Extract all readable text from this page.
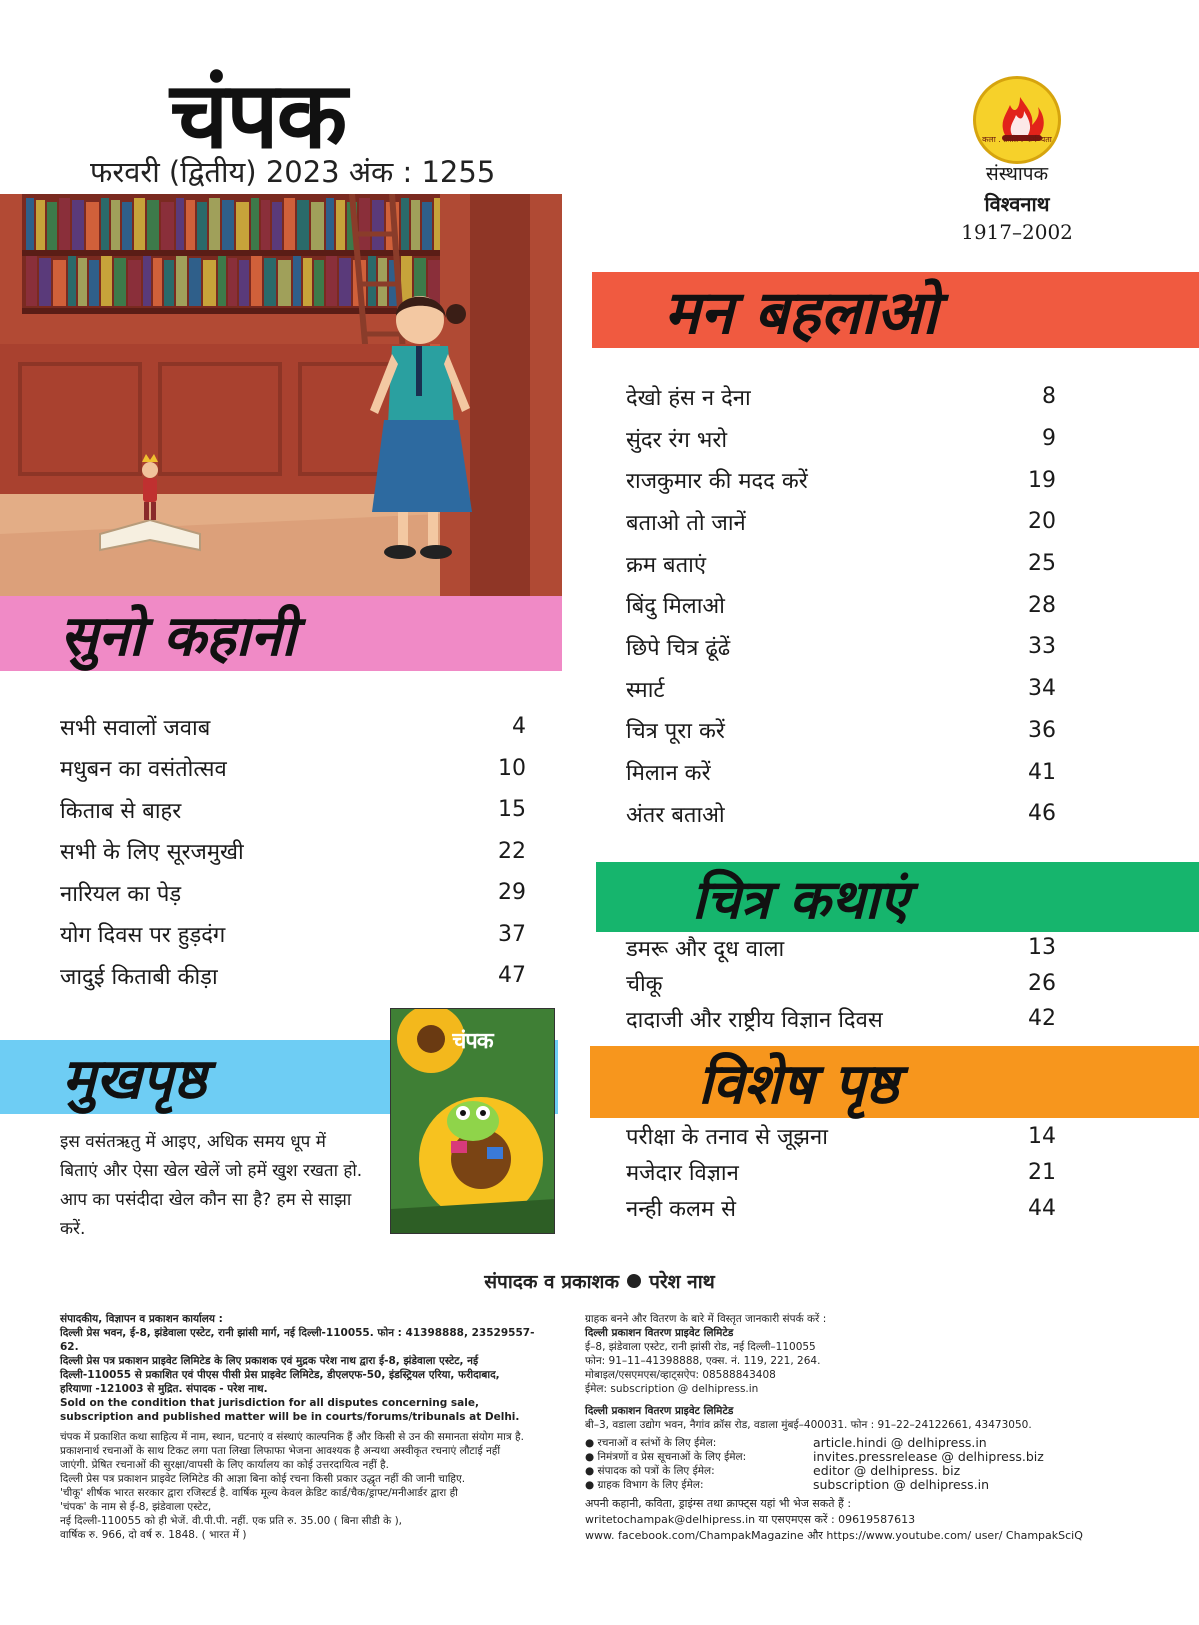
चंपक
फरवरी (द्वितीय) 2023 अंक : 1255
कला . क्रांति . कर्मण्यता
संस्थापक
विश्वनाथ
1917–2002
सुनो कहानी
सभी सवालों जवाब	4
मधुबन का वसंतोत्सव	10
किताब से बाहर	15
सभी के लिए सूरजमुखी	22
नारियल का पेड़	29
योग दिवस पर हुड़दंग	37
जादुई किताबी कीड़ा	47
मन बहलाओ
देखो हंस न देना	8
सुंदर रंग भरो	9
राजकुमार की मदद करें	19
बताओ तो जानें	20
क्रम बताएं	25
बिंदु मिलाओ	28
छिपे चित्र ढूंढें	33
स्मार्ट	34
चित्र पूरा करें	36
मिलान करें	41
अंतर बताओ	46
चित्र कथाएं
डमरू और दूध वाला	13
चीकू	26
दादाजी और राष्ट्रीय विज्ञान दिवस	42
मुखपृष्ठ
चंपक
इस वसंतऋतु में आइए, अधिक समय धूप में बिताएं और ऐसा खेल खेलें जो हमें खुश रखता हो. आप का पसंदीदा खेल कौन सा है? हम से साझा करें.
विशेष पृष्ठ
परीक्षा के तनाव से जूझना	14
मजेदार विज्ञान	21
नन्ही कलम से	44
संपादक व प्रकाशक परेश नाथ
संपादकीय, विज्ञापन व प्रकाशन कार्यालय :
दिल्ली प्रेस भवन, ई-8, झंडेवाला एस्टेट, रानी झांसी मार्ग, नई दिल्ली-110055. फोन : 41398888, 23529557-62.
दिल्ली प्रेस पत्र प्रकाशन प्राइवेट लिमिटेड के लिए प्रकाशक एवं मुद्रक परेश नाथ द्वारा ई-8, झंडेवाला एस्टेट, नई
दिल्ली-110055 से प्रकाशित एवं पीएस पीसी प्रेस प्राइवेट लिमिटेड, डीएलएफ-50, इंडस्ट्रियल एरिया, फरीदाबाद,
हरियाणा -121003 से मुद्रित. संपादक - परेश नाथ.
Sold on the condition that jurisdiction for all disputes concerning sale,
subscription and published matter will be in courts/forums/tribunals at Delhi.
चंपक में प्रकाशित कथा साहित्य में नाम, स्थान, घटनाएं व संस्थाएं काल्पनिक हैं और किसी से उन की समानता संयोग मात्र है.
प्रकाशनार्थ रचनाओं के साथ टिकट लगा पता लिखा लिफाफा भेजना आवश्यक है अन्यथा अस्वीकृत रचनाएं लौटाई नहीं
जाएंगी. प्रेषित रचनाओं की सुरक्षा/वापसी के लिए कार्यालय का कोई उत्तरदायित्व नहीं है.
दिल्ली प्रेस पत्र प्रकाशन प्राइवेट लिमिटेड की आज्ञा बिना कोई रचना किसी प्रकार उद्धृत नहीं की जानी चाहिए.
'चीकू' शीर्षक भारत सरकार द्वारा रजिस्टर्ड है. वार्षिक मूल्य केवल क्रेडिट कार्ड/चैक/ड्राफ्ट/मनीआर्डर द्वारा ही
'चंपक' के नाम से ई-8, झंडेवाला एस्टेट,
नई दिल्ली-110055 को ही भेजें. वी.पी.पी. नहीं. एक प्रति रु. 35.00 ( बिना सीडी के ),
वार्षिक रु. 966, दो वर्ष रु. 1848. ( भारत में )
ग्राहक बनने और वितरण के बारे में विस्तृत जानकारी संपर्क करें :
दिल्ली प्रकाशन वितरण प्राइवेट लिमिटेड
ई–8, झंडेवाला एस्टेट, रानी झांसी रोड, नई दिल्ली–110055
फोन: 91–11–41398888, एक्स. नं. 119, 221, 264.
मोबाइल/एसएमएस/व्हाट्सऐप: 08588843408
ईमेल: subscription @ delhipress.in
दिल्ली प्रकाशन वितरण प्राइवेट लिमिटेड
बी–3, वडाला उद्योग भवन, नैगांव क्रॉस रोड, वडाला मुंबई–400031. फोन : 91–22–24122661, 43473050.
● रचनाओं व स्तंभों के लिए ईमेल:	article.hindi @ delhipress.in
● निमंत्रणों व प्रेस सूचनाओं के लिए ईमेल:	invites.pressrelease @ delhipress.biz
● संपादक को पत्रों के लिए ईमेल:	editor @ delhipress. biz
● ग्राहक विभाग के लिए ईमेल:	subscription @ delhipress.in
अपनी कहानी, कविता, ड्राइंग्स तथा क्राफ्ट्स यहां भी भेज सकते हैं :
writetochampak@delhipress.in या एसएमएस करें : 09619587613
www. facebook.com/ChampakMagazine और https://www.youtube.com/ user/ ChampakSciQ
